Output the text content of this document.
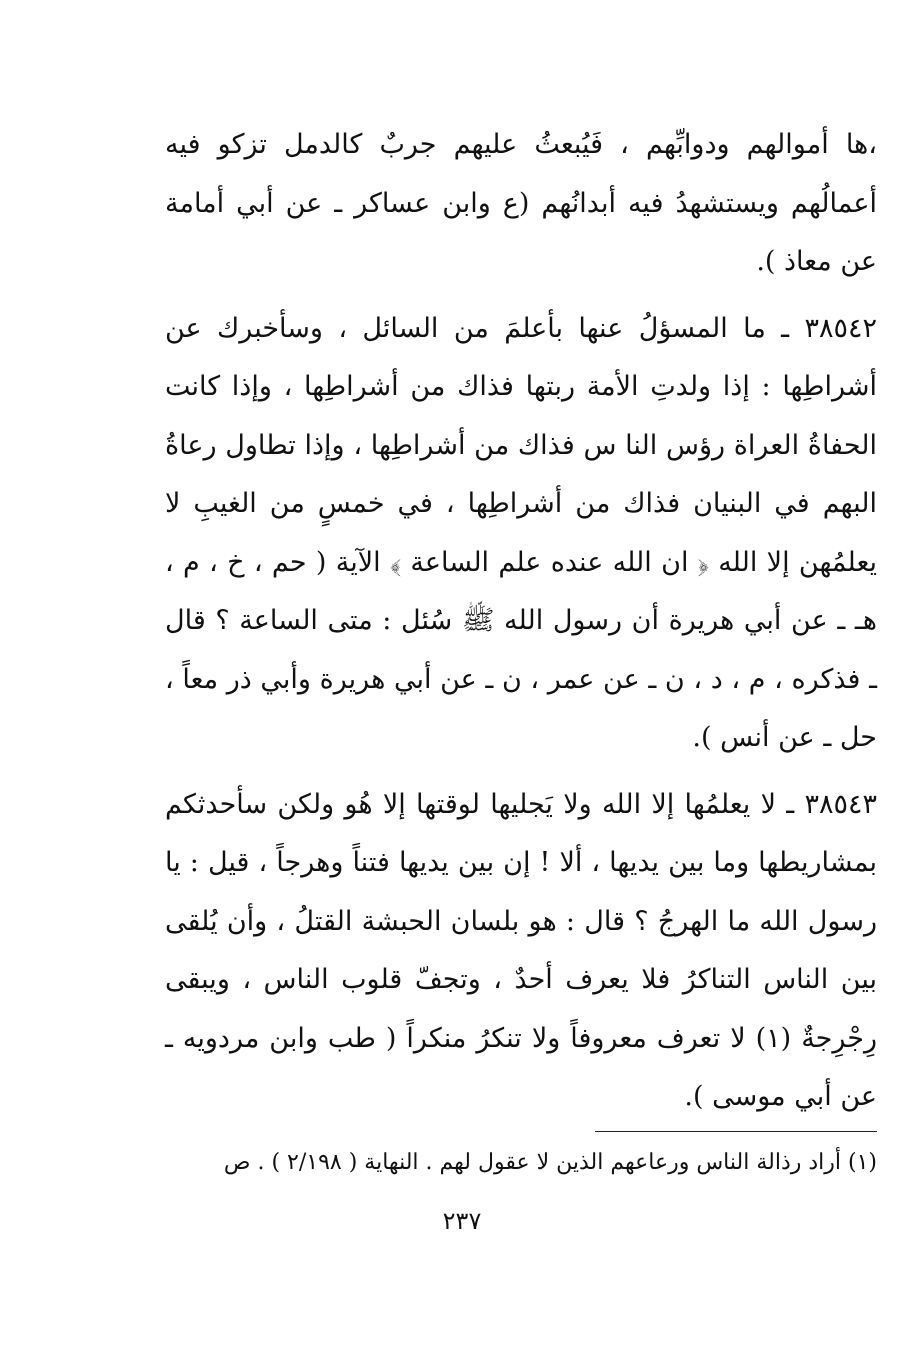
،ها أموالهم ودوابِّهم ، فَيُبعثُ عليهم جربٌ كالدمل تزكو فيه أعمالُهم ويستشهدُ فيه أبدانُهم (ع وابن عساكر ـ عن أبي أمامة عن معاذ ).

٣٨٥٤٢ ـ ما المسؤلُ عنها بأعلمَ من السائل ، وسأخبرك عن أشراطِها : إذا ولدتِ الأمة ربتها فذاك من أشراطِها ، وإذا كانت الحفاةُ العراة رؤس النا س فذاك من أشراطِها ، وإذا تطاول رعاةُ البهم في البنيان فذاك من أشراطِها ، في خمسٍ من الغيبِ لا يعلمُهن إلا الله ﴿ ان الله عنده علم الساعة ﴾ الآية ( حم ، خ ، م ، هـ ـ عن أبي هريرة أن رسول الله ﷺ سُئل : متى الساعة ؟ قال ـ فذكره ، م ، د ، ن ـ عن عمر ، ن ـ عن أبي هريرة وأبي ذر معاً ، حل ـ عن أنس ).

٣٨٥٤٣ ـ لا يعلمُها إلا الله ولا يَجليها لوقتها إلا هُو ولكن سأحدثكم بمشاريطها وما بين يديها ، ألا ! إن بين يديها فتناً وهرجاً ، قيل : يا رسول الله ما الهرجُ ؟ قال : هو بلسان الحبشة القتلُ ، وأن يُلقى بين الناس التناكرُ فلا يعرف أحدٌ ، وتجفّ قلوب الناس ، ويبقى رِجْرِجةٌ (١) لا تعرف معروفاً ولا تنكرُ منكراً ( طب وابن مردويه ـ عن أبي موسى ).

(١) أراد رذالة الناس ورعاعهم الذين لا عقول لهم . النهاية ( ٢/١٩٨ ) . ص
٢٣٧
